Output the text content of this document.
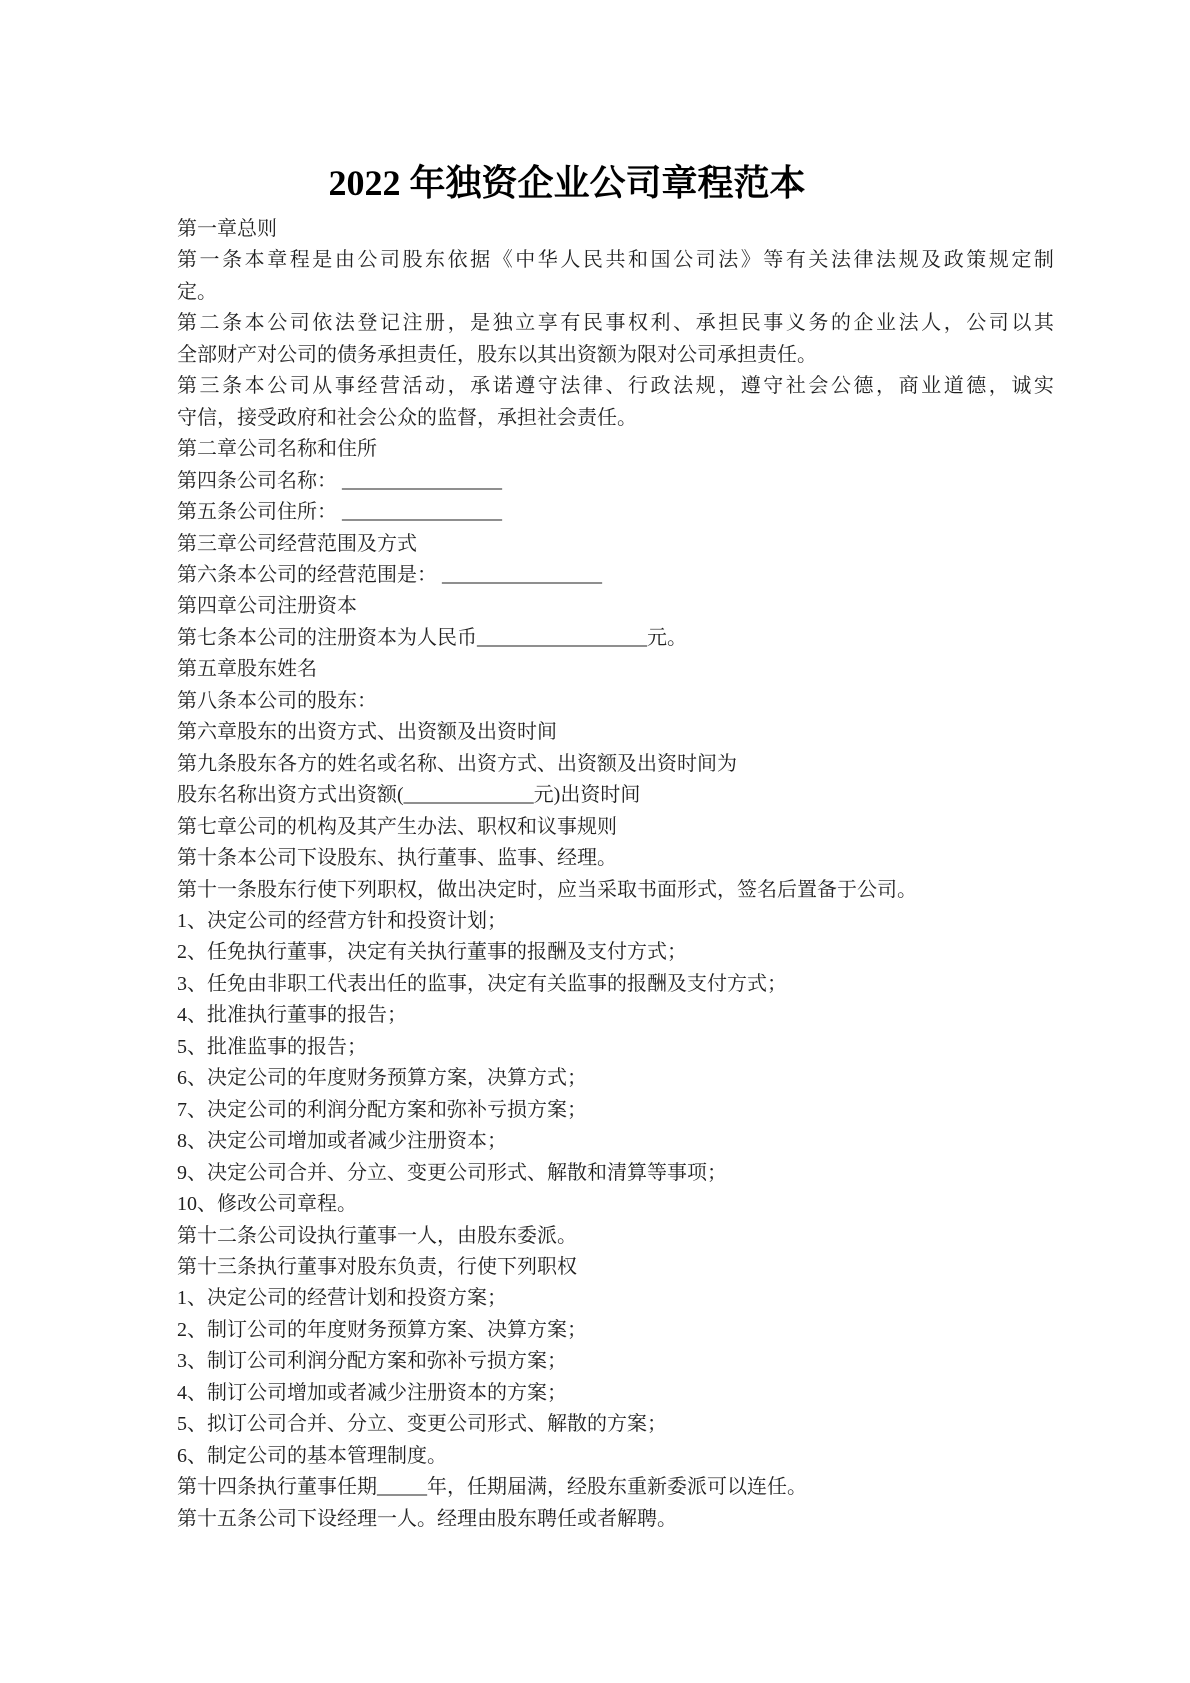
2022 年独资企业公司章程范本
第一章总则
第一条本章程是由公司股东依据《中华人民共和国公司法》等有关法律法规及政策规定制
定。
第二条本公司依法登记注册，是独立享有民事权利、承担民事义务的企业法人，公司以其
全部财产对公司的债务承担责任，股东以其出资额为限对公司承担责任。
第三条本公司从事经营活动，承诺遵守法律、行政法规，遵守社会公德，商业道德，诚实
守信，接受政府和社会公众的监督，承担社会责任。
第二章公司名称和住所
第四条公司名称： ________________
第五条公司住所： ________________
第三章公司经营范围及方式
第六条本公司的经营范围是： ________________
第四章公司注册资本
第七条本公司的注册资本为人民币_________________元。
第五章股东姓名
第八条本公司的股东：
第六章股东的出资方式、出资额及出资时间
第九条股东各方的姓名或名称、出资方式、出资额及出资时间为
股东名称出资方式出资额(_____________元)出资时间
第七章公司的机构及其产生办法、职权和议事规则
第十条本公司下设股东、执行董事、监事、经理。
第十一条股东行使下列职权，做出决定时，应当采取书面形式，签名后置备于公司。
1、决定公司的经营方针和投资计划；
2、任免执行董事，决定有关执行董事的报酬及支付方式；
3、任免由非职工代表出任的监事，决定有关监事的报酬及支付方式；
4、批准执行董事的报告；
5、批准监事的报告；
6、决定公司的年度财务预算方案，决算方式；
7、决定公司的利润分配方案和弥补亏损方案；
8、决定公司增加或者减少注册资本；
9、决定公司合并、分立、变更公司形式、解散和清算等事项；
10、修改公司章程。
第十二条公司设执行董事一人，由股东委派。
第十三条执行董事对股东负责，行使下列职权
1、决定公司的经营计划和投资方案；
2、制订公司的年度财务预算方案、决算方案；
3、制订公司利润分配方案和弥补亏损方案；
4、制订公司增加或者减少注册资本的方案；
5、拟订公司合并、分立、变更公司形式、解散的方案；
6、制定公司的基本管理制度。
第十四条执行董事任期_____年，任期届满，经股东重新委派可以连任。
第十五条公司下设经理一人。经理由股东聘任或者解聘。
